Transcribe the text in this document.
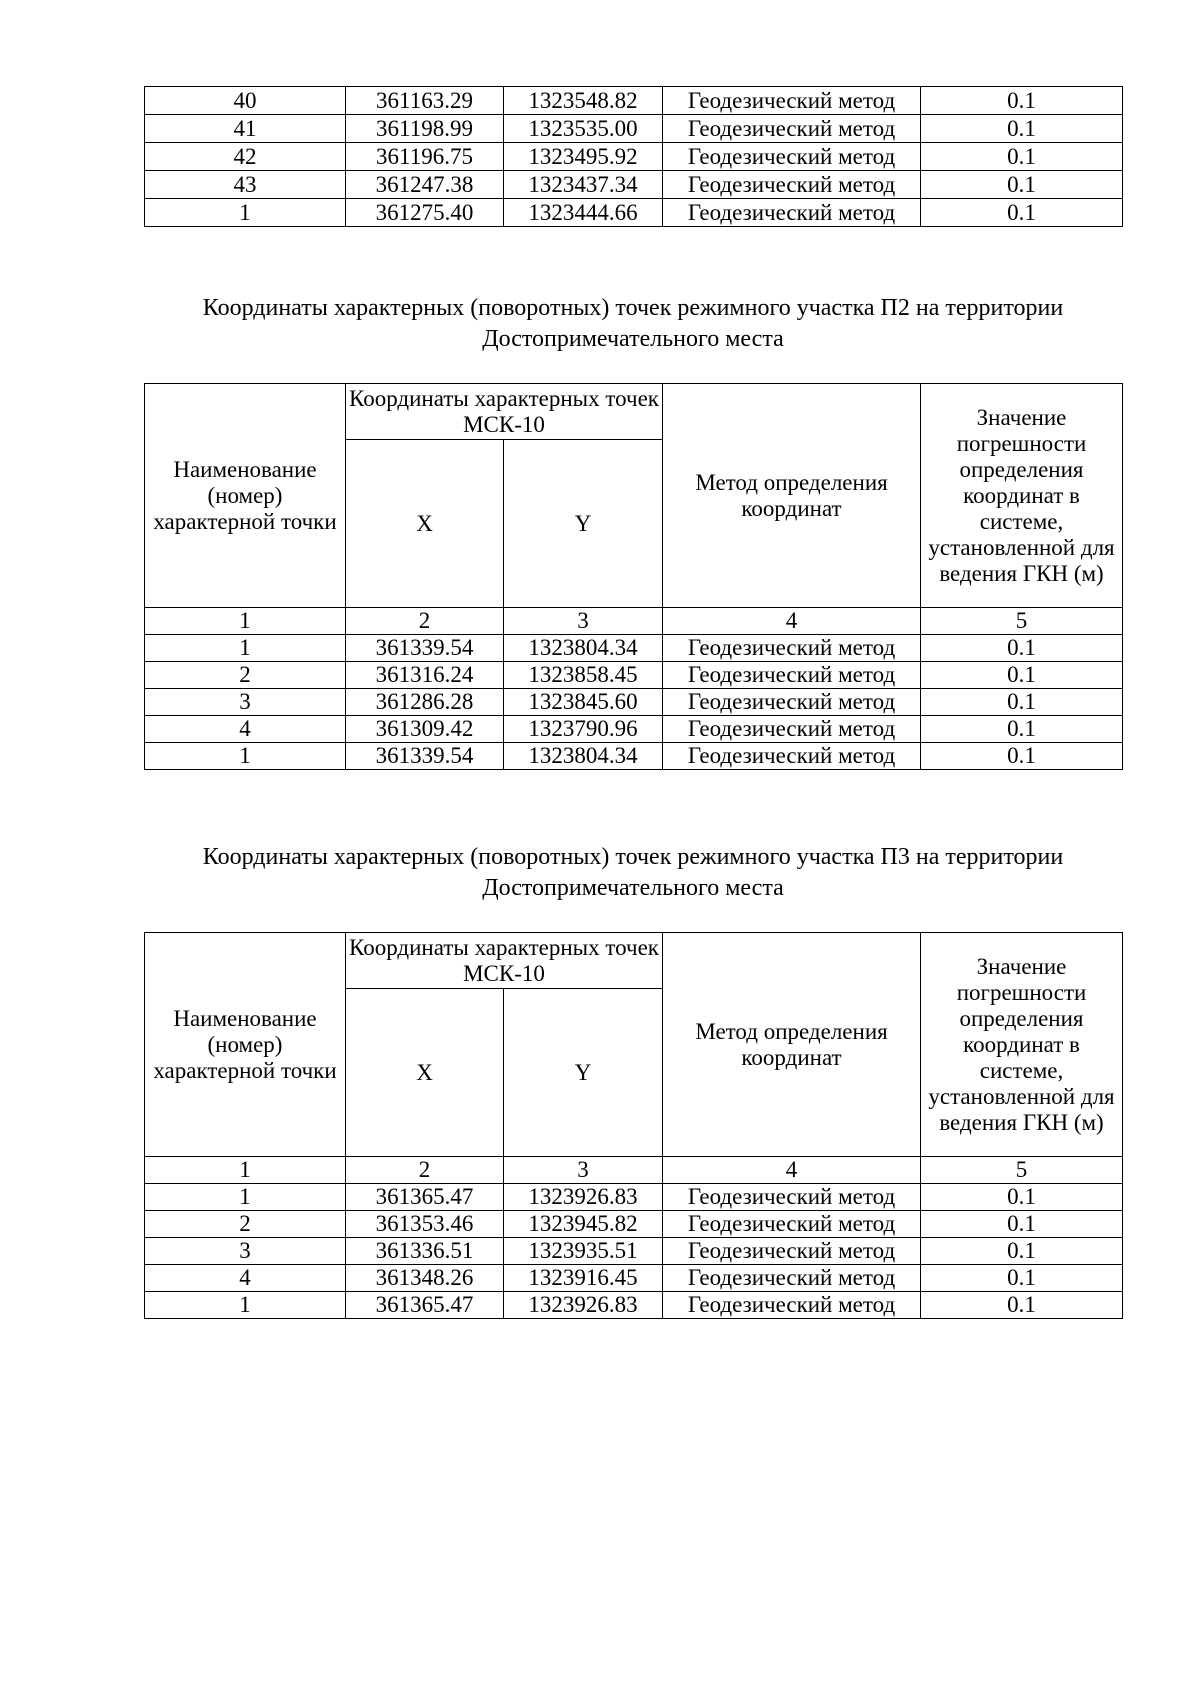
40	361163.29	1323548.82	Геодезический метод	0.1
41	361198.99	1323535.00	Геодезический метод	0.1
42	361196.75	1323495.92	Геодезический метод	0.1
43	361247.38	1323437.34	Геодезический метод	0.1
1	361275.40	1323444.66	Геодезический метод	0.1
Координаты характерных (поворотных) точек режимного участка П2 на территории
Достопримечательного места
Наименование (номер) характерной точки	Координаты характерных точек МСК-10		Метод определения координат	Значение погрешности определения координат в системе, установленной для ведения ГКН (м)
	X	Y		
1	2	3	4	5
1	361339.54	1323804.34	Геодезический метод	0.1
2	361316.24	1323858.45	Геодезический метод	0.1
3	361286.28	1323845.60	Геодезический метод	0.1
4	361309.42	1323790.96	Геодезический метод	0.1
1	361339.54	1323804.34	Геодезический метод	0.1
Координаты характерных (поворотных) точек режимного участка П3 на территории
Достопримечательного места
Наименование (номер) характерной точки	Координаты характерных точек МСК-10		Метод определения координат	Значение погрешности определения координат в системе, установленной для ведения ГКН (м)
	X	Y		
1	2	3	4	5
1	361365.47	1323926.83	Геодезический метод	0.1
2	361353.46	1323945.82	Геодезический метод	0.1
3	361336.51	1323935.51	Геодезический метод	0.1
4	361348.26	1323916.45	Геодезический метод	0.1
1	361365.47	1323926.83	Геодезический метод	0.1
